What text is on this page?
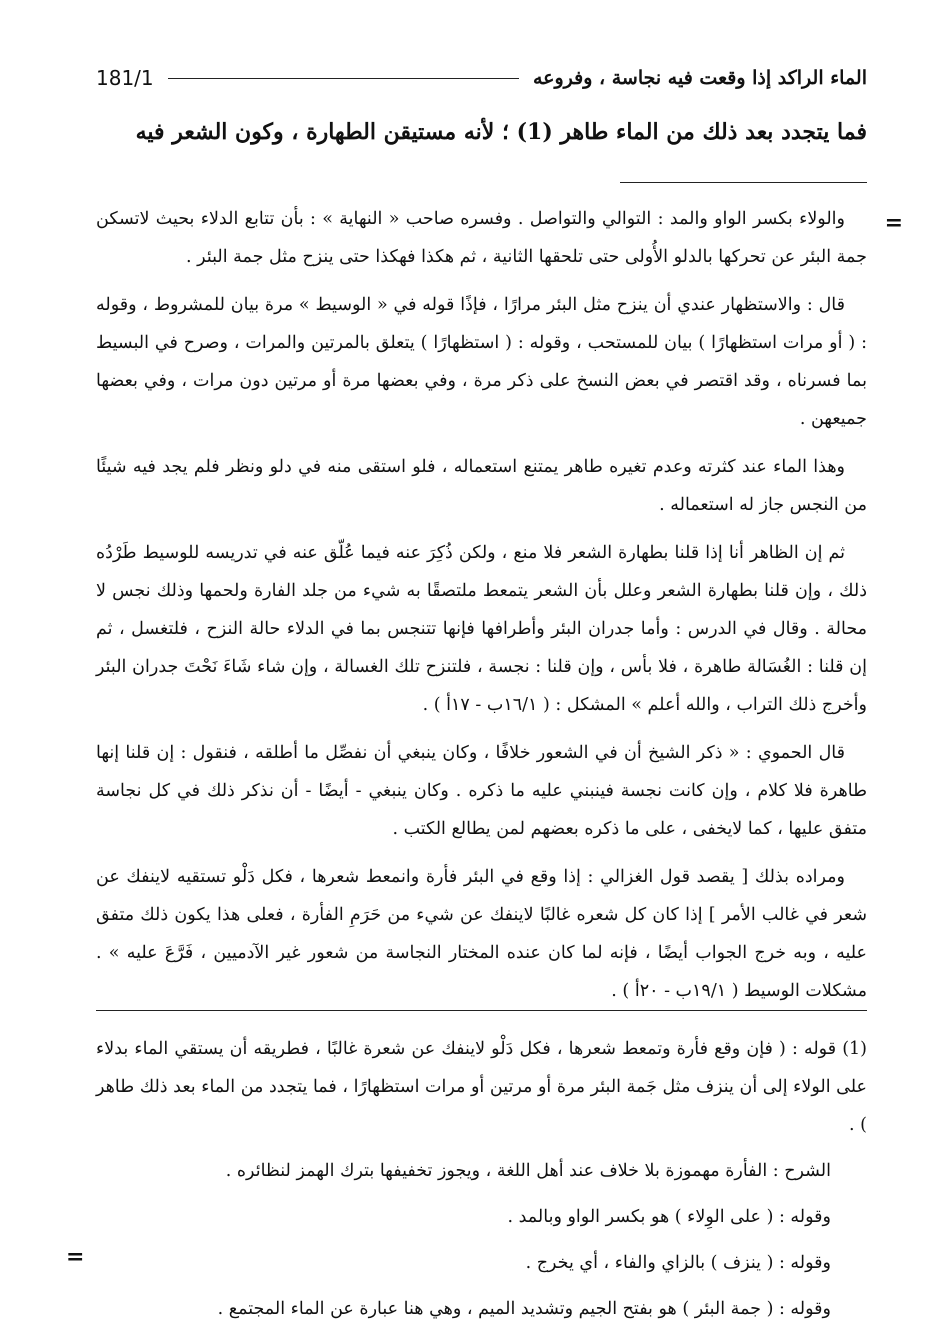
الماء الراكد إذا وقعت فيه نجاسة ، وفروعه
181/1
فما يتجدد بعد ذلك من الماء طاهر (1) ؛ لأنه مستيقن الطهارة ، وكون الشعر فيه
=

والولاء بكسر الواو والمد : التوالي والتواصل . وفسره صاحب « النهاية » : بأن تتابع الدلاء بحيث لاتسكن جمة البئر عن تحركها بالدلو الأُولى حتى تلحقها الثانية ، ثم هكذا فهكذا حتى ينزح مثل جمة البئر .

قال : والاستظهار عندي أن ينزح مثل البئر مرارًا ، فإذًا قوله في « الوسيط » مرة بيان للمشروط ، وقوله : ( أو مرات استظهارًا ) بيان للمستحب ، وقوله : ( استظهارًا ) يتعلق بالمرتين والمرات ، وصرح في البسيط بما فسرناه ، وقد اقتصر في بعض النسخ على ذكر مرة ، وفي بعضها مرة أو مرتين دون مرات ، وفي بعضها جميعهن .

وهذا الماء عند كثرته وعدم تغيره طاهر يمتنع استعماله ، فلو استقى منه في دلو ونظر فلم يجد فيه شيئًا من النجس جاز له استعماله .

ثم إن الظاهر أنا إذا قلنا بطهارة الشعر فلا منع ، ولكن ذُكِرَ عنه فيما عُلّق عنه في تدريسه للوسيط طَرْدُه ذلك ، وإن قلنا بطهارة الشعر وعلل بأن الشعر يتمعط ملتصقًا به شيء من جلد الفارة ولحمها وذلك نجس لا محالة . وقال في الدرس : وأما جدران البئر وأطرافها فإنها تتنجس بما في الدلاء حالة النزح ، فلتغسل ، ثم إن قلنا : الغُسَالة طاهرة ، فلا بأس ، وإن قلنا : نجسة ، فلتنزح تلك الغسالة ، وإن شاء شَاءَ نَحْتَ جدران البئر وأخرج ذلك التراب ، والله أعلم » المشكل : ( ١٦/١ب - ١٧أ ) .

قال الحموي : « ذكر الشيخ أن في الشعور خلافًا ، وكان ينبغي أن نفصِّل ما أطلقه ، فنقول : إن قلنا إنها طاهرة فلا كلام ، وإن كانت نجسة فينبني عليه ما ذكره . وكان ينبغي - أيضًا - أن نذكر ذلك في كل نجاسة متفق عليها ، كما لايخفى ، على ما ذكره بعضهم لمن يطالع الكتب .

ومراده بذلك [ يقصد قول الغزالي : إذا وقع في البئر فأرة وانمعط شعرها ، فكل دَلْو تستقيه لاينفك عن شعر في غالب الأمر ] إذا كان كل شعره غالبًا لاينفك عن شيء من حَرَمِ الفأرة ، فعلى هذا يكون ذلك متفق عليه ، وبه خرج الجواب أيضًا ، فإنه لما كان عنده المختار النجاسة من شعور غير الآدميين ، فَرَّعَ عليه » . مشكلات الوسيط ( ١٩/١ب - ٢٠أ ) .

(1) قوله : ( فإن وقع فأرة وتمعط شعرها ، فكل دَلْو لاينفك عن شعرة غالبًا ، فطريقه أن يستقي الماء بدلاء على الولاء إلى أن ينزف مثل جَمة البئر مرة أو مرتين أو مرات استظهارًا ، فما يتجدد من الماء بعد ذلك طاهر ) .

الشرح : الفأرة مهموزة بلا خلاف عند أهل اللغة ، ويجوز تخفيفها بترك الهمز لنظائره .

وقوله : ( على الوِلاء ) هو بكسر الواو وبالمد .

وقوله : ( ينزف ) بالزاي والفاء ، أي يخرج .

وقوله : ( جمة البئر ) هو بفتح الجيم وتشديد الميم ، وهي هنا عبارة عن الماء المجتمع .

=
